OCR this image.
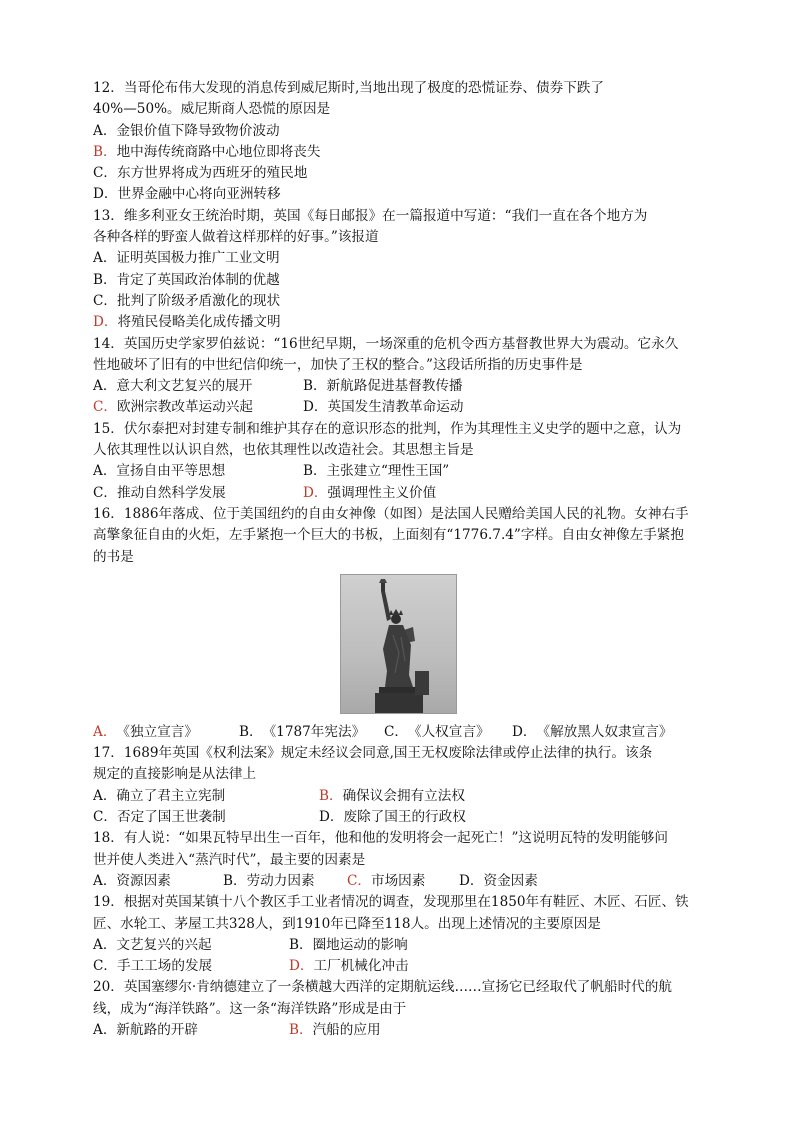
12．当哥伦布伟大发现的消息传到威尼斯时,当地出现了极度的恐慌证券、债券下跌了
40%—50%。威尼斯商人恐慌的原因是
A．金银价值下降导致物价波动
B．地中海传统商路中心地位即将丧失
C．东方世界将成为西班牙的殖民地
D．世界金融中心将向亚洲转移
13．维多利亚女王统治时期，英国《每日邮报》在一篇报道中写道：“我们一直在各个地方为
各种各样的野蛮人做着这样那样的好事。”该报道
A．证明英国极力推广工业文明
B．肯定了英国政治体制的优越
C．批判了阶级矛盾激化的现状
D．将殖民侵略美化成传播文明
14．英国历史学家罗伯兹说：“16世纪早期，一场深重的危机令西方基督教世界大为震动。它永久
性地破坏了旧有的中世纪信仰统一，加快了王权的整合。”这段话所指的历史事件是
A．意大利文艺复兴的展开	B．新航路促进基督教传播
C．欧洲宗教改革运动兴起	D．英国发生清教革命运动
15．伏尔泰把对封建专制和维护其存在的意识形态的批判，作为其理性主义史学的题中之意，认为
人依其理性以认识自然，也依其理性以改造社会。其思想主旨是
A．宣扬自由平等思想	B．主张建立“理性王国”
C．推动自然科学发展	D．强调理性主义价值
16．1886年落成、位于美国纽约的自由女神像（如图）是法国人民赠给美国人民的礼物。女神右手
高擎象征自由的火炬，左手紧抱一个巨大的书板，上面刻有“1776.7.4”字样。自由女神像左手紧抱
的书是
A．《独立宣言》	B．《1787年宪法》	C．《人权宣言》	D．《解放黑人奴隶宣言》
17．1689年英国《权利法案》规定未经议会同意,国王无权废除法律或停止法律的执行。该条
规定的直接影响是从法律上
A．确立了君主立宪制	B．确保议会拥有立法权
C．否定了国王世袭制	D．废除了国王的行政权
18．有人说：“如果瓦特早出生一百年，他和他的发明将会一起死亡！”这说明瓦特的发明能够问
世并使人类进入“蒸汽时代”，最主要的因素是
A．资源因素	B．劳动力因素	C．市场因素	D．资金因素
19．根据对英国某镇十八个教区手工业者情况的调查，发现那里在1850年有鞋匠、木匠、石匠、铁
匠、水轮工、茅屋工共328人，到1910年已降至118人。出现上述情况的主要原因是
A．文艺复兴的兴起	B．圈地运动的影响
C．手工工场的发展	D．工厂机械化冲击
20．英国塞缪尔·肯纳德建立了一条横越大西洋的定期航运线……宣扬它已经取代了帆船时代的航
线，成为“海洋铁路”。这一条“海洋铁路”形成是由于
A．新航路的开辟	B．汽船的应用
